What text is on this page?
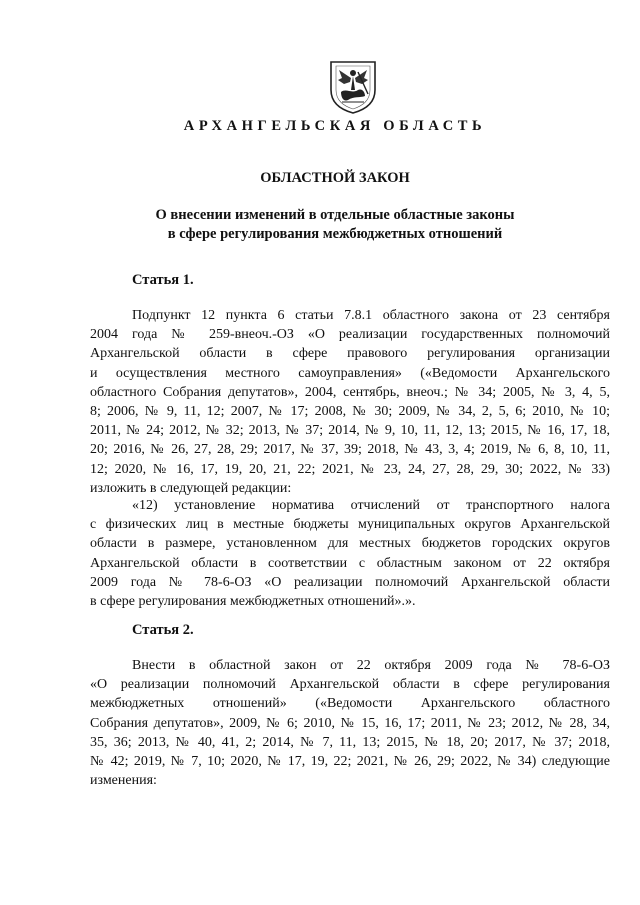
АРХАНГЕЛЬСКАЯ ОБЛАСТЬ
ОБЛАСТНОЙ ЗАКОН
О внесении изменений в отдельные областные законы
в сфере регулирования межбюджетных отношений
Статья 1.
Подпункт 12 пункта 6 статьи 7.8.1 областного закона от 23 сентября
2004 года № 259-внеоч.-ОЗ «О реализации государственных полномочий
Архангельской области в сфере правового регулирования организации
и осуществления местного самоуправления» («Ведомости Архангельского
областного Собрания депутатов», 2004, сентябрь, внеоч.; № 34; 2005, № 3, 4, 5,
8; 2006, № 9, 11, 12; 2007, № 17; 2008, № 30; 2009, № 34, 2, 5, 6; 2010, № 10;
2011, № 24; 2012, № 32; 2013, № 37; 2014, № 9, 10, 11, 12, 13; 2015, № 16, 17, 18,
20; 2016, № 26, 27, 28, 29; 2017, № 37, 39; 2018, № 43, 3, 4; 2019, № 6, 8, 10, 11,
12; 2020, № 16, 17, 19, 20, 21, 22; 2021, № 23, 24, 27, 28, 29, 30; 2022, № 33)
изложить в следующей редакции:
«12) установление норматива отчислений от транспортного налога
с физических лиц в местные бюджеты муниципальных округов Архангельской
области в размере, установленном для местных бюджетов городских округов
Архангельской области в соответствии с областным законом от 22 октября
2009 года № 78-6-ОЗ «О реализации полномочий Архангельской области
в сфере регулирования межбюджетных отношений».».
Статья 2.
Внести в областной закон от 22 октября 2009 года № 78-6-ОЗ
«О реализации полномочий Архангельской области в сфере регулирования
межбюджетных отношений» («Ведомости Архангельского областного
Собрания депутатов», 2009, № 6; 2010, № 15, 16, 17; 2011, № 23; 2012, № 28, 34,
35, 36; 2013, № 40, 41, 2; 2014, № 7, 11, 13; 2015, № 18, 20; 2017, № 37; 2018,
№ 42; 2019, № 7, 10; 2020, № 17, 19, 22; 2021, № 26, 29; 2022, № 34) следующие
изменения:
